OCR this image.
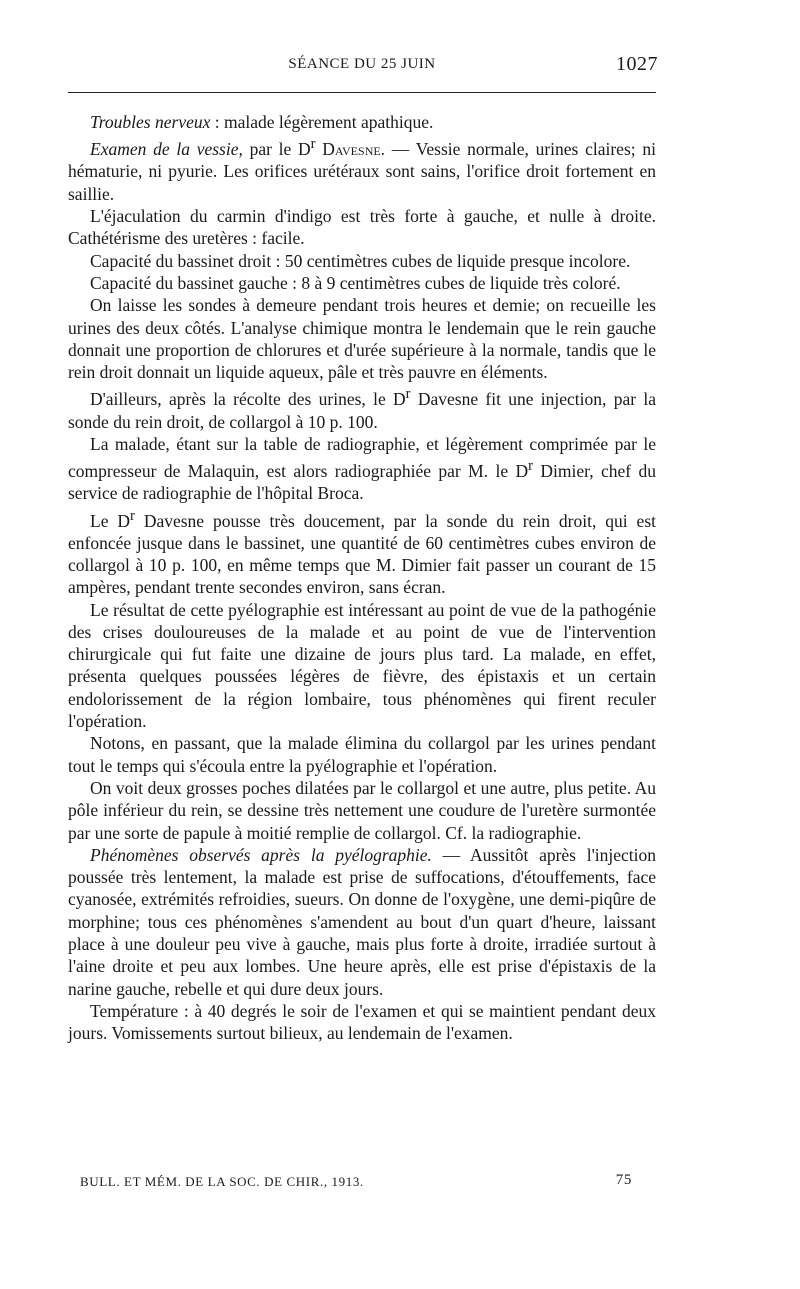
SÉANCE DU 25 JUIN	1027

Troubles nerveux : malade légèrement apathique.

Examen de la vessie, par le $D^r$ Davesne. — Vessie normale, urines claires; ni hématurie, ni pyurie. Les orifices urétéraux sont sains, l'orifice droit fortement en saillie.

L'éjaculation du carmin d'indigo est très forte à gauche, et nulle à droite. Cathétérisme des uretères : facile.

Capacité du bassinet droit : 50 centimètres cubes de liquide presque incolore.

Capacité du bassinet gauche : 8 à 9 centimètres cubes de liquide très coloré.

On laisse les sondes à demeure pendant trois heures et demie; on recueille les urines des deux côtés. L'analyse chimique montra le lendemain que le rein gauche donnait une proportion de chlorures et d'urée supérieure à la normale, tandis que le rein droit donnait un liquide aqueux, pâle et très pauvre en éléments.

D'ailleurs, après la récolte des urines, le $D^r$ Davesne fit une injection, par la sonde du rein droit, de collargol à 10 p. 100.

La malade, étant sur la table de radiographie, et légèrement comprimée par le compresseur de Malaquin, est alors radiographiée par M. le $D^r$ Dimier, chef du service de radiographie de l'hôpital Broca.

Le $D^r$ Davesne pousse très doucement, par la sonde du rein droit, qui est enfoncée jusque dans le bassinet, une quantité de 60 centimètres cubes environ de collargol à 10 p. 100, en même temps que M. Dimier fait passer un courant de 15 ampères, pendant trente secondes environ, sans écran.

Le résultat de cette pyélographie est intéressant au point de vue de la pathogénie des crises douloureuses de la malade et au point de vue de l'intervention chirurgicale qui fut faite une dizaine de jours plus tard. La malade, en effet, présenta quelques poussées légères de fièvre, des épistaxis et un certain endolorissement de la région lombaire, tous phénomènes qui firent reculer l'opération.

Notons, en passant, que la malade élimina du collargol par les urines pendant tout le temps qui s'écoula entre la pyélographie et l'opération.

On voit deux grosses poches dilatées par le collargol et une autre, plus petite. Au pôle inférieur du rein, se dessine très nettement une coudure de l'uretère surmontée par une sorte de papule à moitié remplie de collargol. Cf. la radiographie.

Phénomènes observés après la pyélographie. — Aussitôt après l'injection poussée très lentement, la malade est prise de suffocations, d'étouffements, face cyanosée, extrémités refroidies, sueurs. On donne de l'oxygène, une demi-piqûre de morphine; tous ces phénomènes s'amendent au bout d'un quart d'heure, laissant place à une douleur peu vive à gauche, mais plus forte à droite, irradiée surtout à l'aine droite et peu aux lombes. Une heure après, elle est prise d'épistaxis de la narine gauche, rebelle et qui dure deux jours.

Température : à 40 degrés le soir de l'examen et qui se maintient pendant deux jours. Vomissements surtout bilieux, au lendemain de l'examen.

BULL. ET MÉM. DE LA SOC. DE CHIR., 1913.	75
